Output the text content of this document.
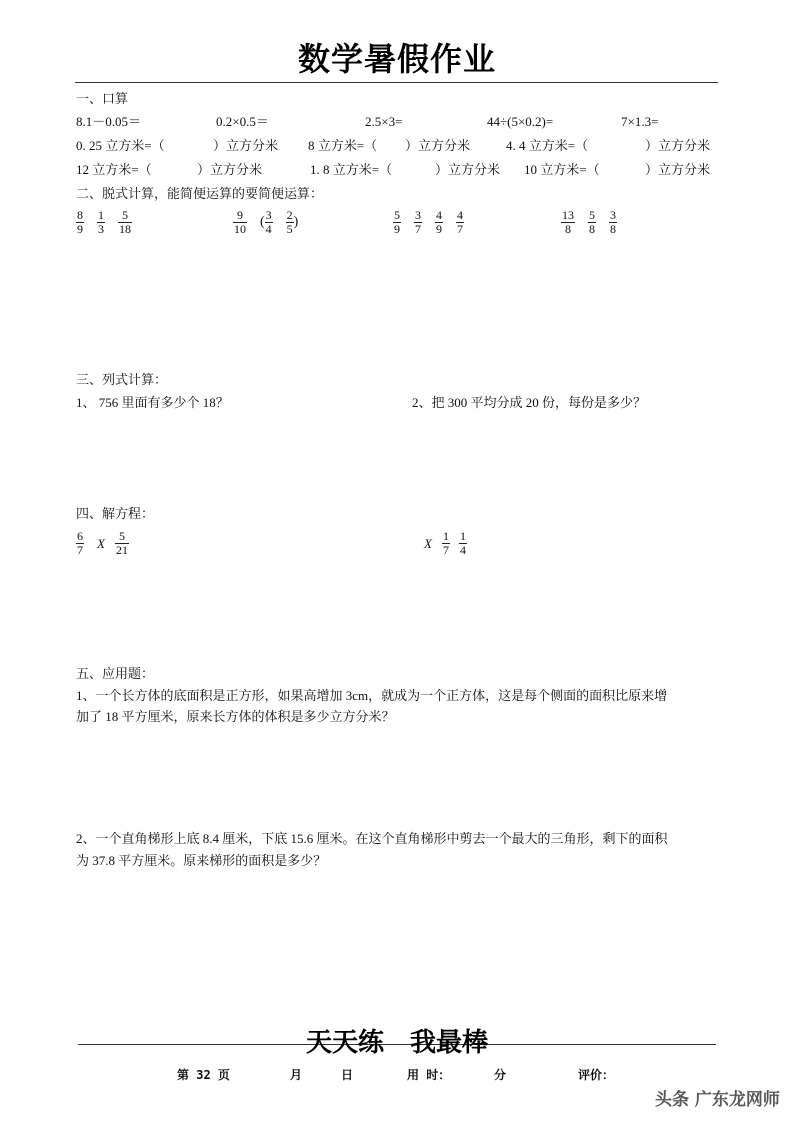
数学暑假作业
一、口算
8.1－0.05＝	0.2×0.5＝	2.5×3=	44÷(5×0.2)=	7×1.3=
0. 25 立方米=（	）立方分米 8 立方米=（ ）立方分米	4. 4 立方米=（	）立方分米
12 立方米=（	）立方分米	1. 8 立方米=（	）立方分米 10 立方米=（	）立方分米
二、脱式计算，能简便运算的要简便运算：
$\frac{8}{9}$
$\frac{1}{3}$
$\frac{5}{18}$	$\frac{9}{10}$ ( $\frac{3}{4}$
$\frac{2}{5}$ )	$\frac{5}{9}$
$\frac{3}{7}$
$\frac{4}{9}$
$\frac{4}{7}$	$\frac{13}{8}$
$\frac{5}{8}$
$\frac{3}{8}$
三、列式计算：
1、 756 里面有多少个 18？	2、把 300 平均分成 20 份，每份是多少？
四、解方程：
$\frac{6}{7}$ X $\frac{5}{21}$	X $\frac{1}{7} \frac{1}{4}$
五、应用题：
1、一个长方体的底面积是正方形，如果高增加 3cm，就成为一个正方体，这是每个侧面的面积比原来增
加了 18 平方厘米，原来长方体的体积是多少立方分米？
2、一个直角梯形上底 8.4 厘米，下底 15.6 厘米。在这个直角梯形中剪去一个最大的三角形，剩下的面积
为 37.8 平方厘米。原来梯形的面积是多少？
天天练　我最棒
第 32 页	月	日	用 时：	分	评价：
头条 广东龙网师
